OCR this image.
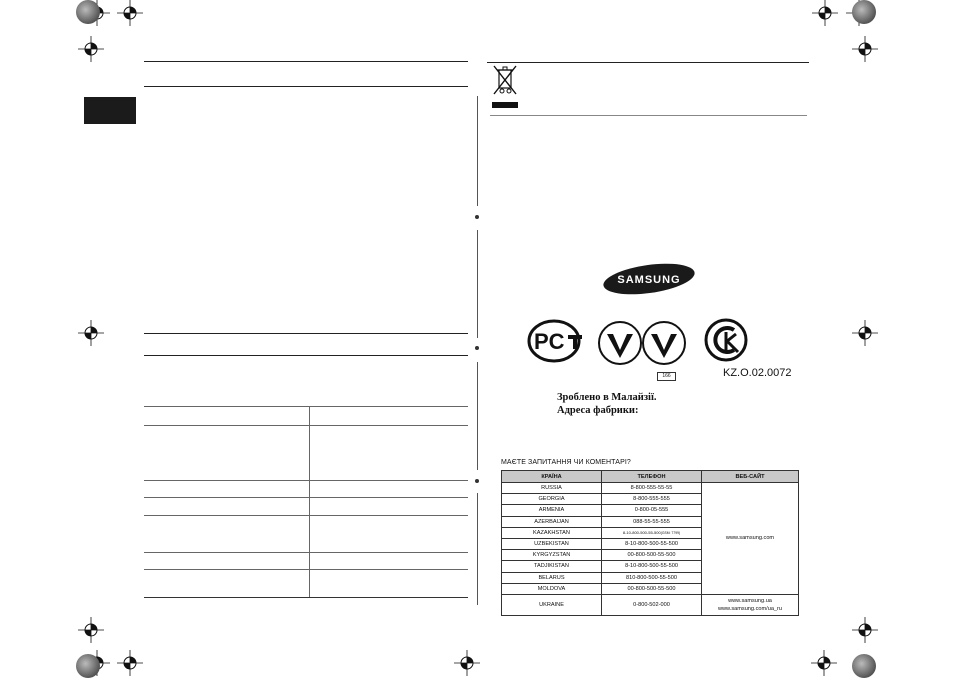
SAMSUNG
PC
166	KZ.O.02.0072
Зроблено в Малайзії.
Адреса фабрики:
МАЄТЕ ЗАПИТАННЯ ЧИ КОМЕНТАРІ?
КРАЇНА	ТЕЛЕФОН	ВЕБ-САЙТ
RUSSIA	8-800-555-55-55	www.samsung.com
GEORGIA	8-800-555-555	
ARMENIA	0-800-05-555	
AZERBAIJAN	088-55-55-555	
KAZAKHSTAN	8-10-800-500-55-500(GSM: 7799)	
UZBEKISTAN	8-10-800-500-55-500	
KYRGYZSTAN	00-800-500-55-500	
TADJIKISTAN	8-10-800-500-55-500	
BELARUS	810-800-500-55-500	
MOLDOVA	00-800-500-55-500	
UKRAINE	0-800-502-000	www.samsung.ua
www.samsung.com/ua_ru
